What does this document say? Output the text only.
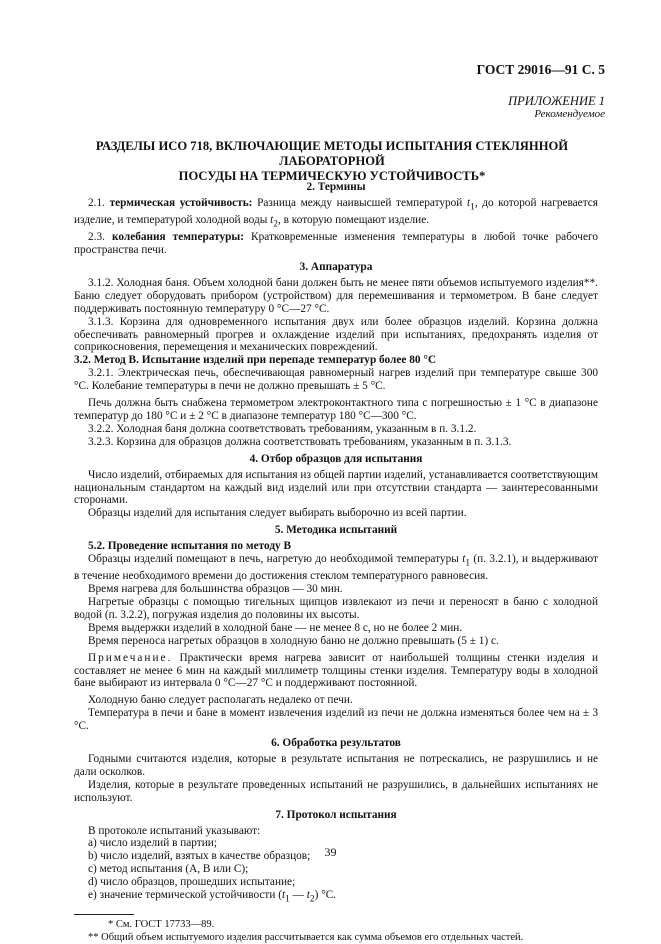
ГОСТ 29016—91 С. 5
ПРИЛОЖЕНИЕ 1
Рекомендуемое
РАЗДЕЛЫ ИСО 718, ВКЛЮЧАЮЩИЕ МЕТОДЫ ИСПЫТАНИЯ СТЕКЛЯННОЙ ЛАБОРАТОРНОЙ
ПОСУДЫ НА ТЕРМИЧЕСКУЮ УСТОЙЧИВОСТЬ*

2. Термины

2.1. термическая устойчивость: Разница между наивысшей температурой $t_1$, до которой нагревается изделие, и температурой холодной воды $t_2$, в которую помещают изделие.

2.3. колебания температуры: Кратковременные изменения температуры в любой точке рабочего пространства печи.

3. Аппаратура

3.1.2. Холодная баня. Объем холодной бани должен быть не менее пяти объемов испытуемого изделия**. Баню следует оборудовать прибором (устройством) для перемешивания и термометром. В бане следует поддерживать постоянную температуру 0 °С—27 °С.

3.1.3. Корзина для одновременного испытания двух или более образцов изделий. Корзина должна обеспечивать равномерный прогрев и охлаждение изделий при испытаниях, предохранять изделия от соприкосновения, перемещения и механических повреждений.

3.2. Метод В. Испытание изделий при перепаде температур более 80 °С

3.2.1. Электрическая печь, обеспечивающая равномерный нагрев изделий при температуре свыше 300 °С. Колебание температуры в печи не должно превышать ± 5 °С.

Печь должна быть снабжена термометром электроконтактного типа с погрешностью ± 1 °С в диапазоне температур до 180 °С и ± 2 °С в диапазоне температур 180 °С—300 °С.

3.2.2. Холодная баня должна соответствовать требованиям, указанным в п. 3.1.2.

3.2.3. Корзина для образцов должна соответствовать требованиям, указанным в п. 3.1.3.

4. Отбор образцов для испытания

Число изделий, отбираемых для испытания из общей партии изделий, устанавливается соответствующим национальным стандартом на каждый вид изделий или при отсутствии стандарта — заинтересованными сторонами.

Образцы изделий для испытания следует выбирать выборочно из всей партии.

5. Методика испытаний

5.2. Проведение испытания по методу В

Образцы изделий помещают в печь, нагретую до необходимой температуры $t_1$ (п. 3.2.1), и выдерживают в течение необходимого времени до достижения стеклом температурного равновесия.

Время нагрева для большинства образцов — 30 мин.

Нагретые образцы с помощью тигельных щипцов извлекают из печи и переносят в баню с холодной водой (п. 3.2.2), погружая изделия до половины их высоты.

Время выдержки изделий в холодной бане — не менее 8 с, но не более 2 мин.

Время переноса нагретых образцов в холодную баню не должно превышать (5 ± 1) с.

Примечание. Практически время нагрева зависит от наибольшей толщины стенки изделия и составляет не менее 6 мин на каждый миллиметр толщины стенки изделия. Температуру воды в холодной бане выбирают из интервала 0 °С—27 °С и поддерживают постоянной.

Холодную баню следует располагать недалеко от печи.

Температура в печи и бане в момент извлечения изделий из печи не должна изменяться более чем на ± 3 °С.

6. Обработка результатов

Годными считаются изделия, которые в результате испытания не потрескались, не разрушились и не дали осколков.

Изделия, которые в результате проведенных испытаний не разрушились, в дальнейших испытаниях не используют.

7. Протокол испытания

В протоколе испытаний указывают:

a) число изделий в партии;

b) число изделий, взятых в качестве образцов;

c) метод испытания (A, B или C);

d) число образцов, прошедших испытание;

e) значение термической устойчивости ($t_1$ — $t_2$) °С.

* См. ГОСТ 17733—89.

** Общий объем испытуемого изделия рассчитывается как сумма объемов его отдельных частей.

39
